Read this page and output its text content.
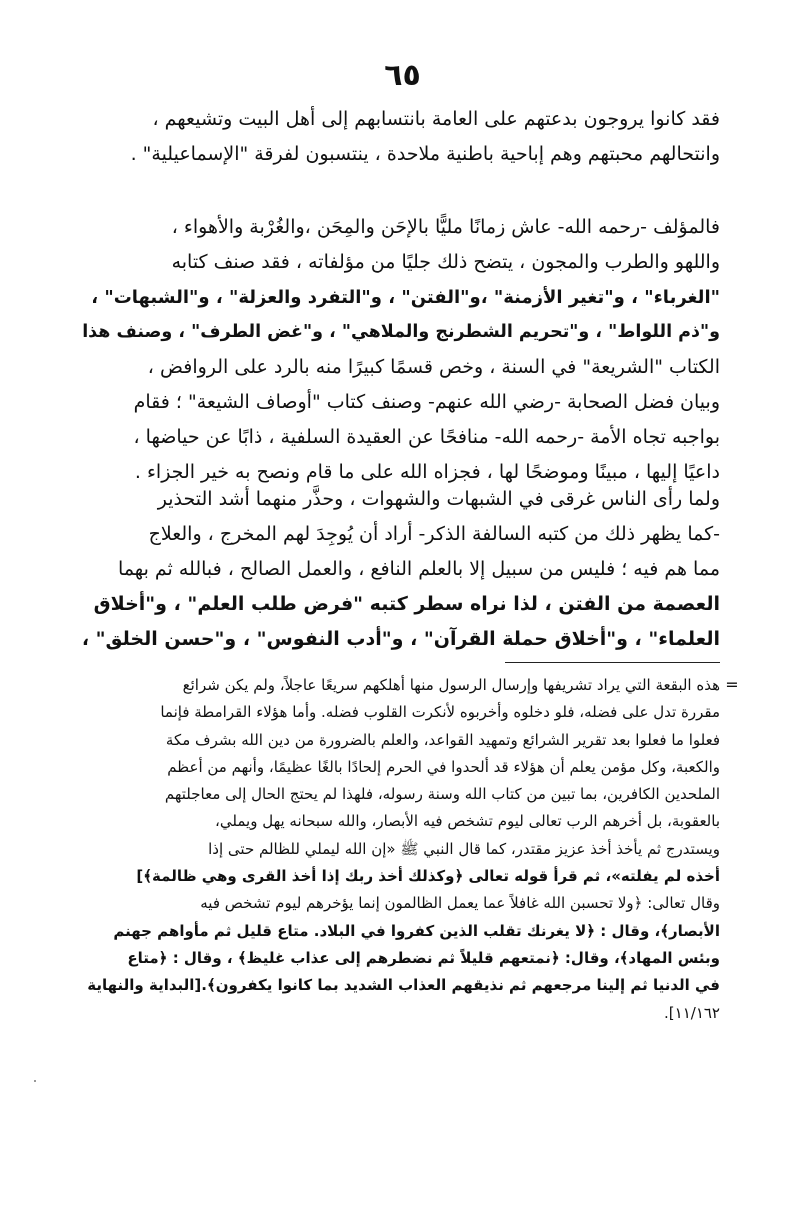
٦٥
فقد كانوا يروجون بدعتهم على العامة بانتسابهم إلى أهل البيت وتشيعهم ،
وانتحالهم محبتهم وهم إباحية باطنية ملاحدة ، ينتسبون لفرقة "الإسماعيلية" .
فالمؤلف -رحمه الله- عاش زمانًا مليًّا بالإحَن والمِحَن ،والغُرْبة والأهواء ،
واللهو والطرب والمجون ، يتضح ذلك جليًا من مؤلفاته ، فقد صنف كتابه
"الغرباء" ، و"تغير الأزمنة" ،و"الفتن" ، و"التفرد والعزلة" ، و"الشبهات" ،
و"ذم اللواط" ، و"تحريم الشطرنج والملاهي" ، و"غض الطرف" ، وصنف هذا
الكتاب "الشريعة" في السنة ، وخص قسمًا كبيرًا منه بالرد على الروافض ،
وبيان فضل الصحابة -رضي الله عنهم- وصنف كتاب "أوصاف الشيعة" ؛ فقام
بواجبه تجاه الأمة -رحمه الله- منافحًا عن العقيدة السلفية ، ذابًا عن حياضها ،
داعيًا إليها ، مبينًا وموضحًا لها ، فجزاه الله على ما قام ونصح به خير الجزاء .
ولما رأى الناس غرقى في الشبهات والشهوات ، وحذَّر منهما أشد التحذير
-كما يظهر ذلك من كتبه السالفة الذكر- أراد أن يُوجِدَ لهم المخرج ، والعلاج
مما هم فيه ؛ فليس من سبيل إلا بالعلم النافع ، والعمل الصالح ، فبالله ثم بهما
العصمة من الفتن ، لذا نراه سطر كتبه "فرض طلب العلم" ، و"أخلاق
العلماء" ، و"أخلاق حملة القرآن" ، و"أدب النفوس" ، و"حسن الخلق" ،
=
هذه البقعة التي يراد تشريفها وإرسال الرسول منها أهلكهم سريعًا عاجلاً، ولم يكن شرائع
مقررة تدل على فضله، فلو دخلوه وأخربوه لأنكرت القلوب فضله. وأما هؤلاء القرامطة فإنما
فعلوا ما فعلوا بعد تقرير الشرائع وتمهيد القواعد، والعلم بالضرورة من دين الله بشرف مكة
والكعبة، وكل مؤمن يعلم أن هؤلاء قد ألحدوا في الحرم إلحادًا بالغًا عظيمًا، وأنهم من أعظم
الملحدين الكافرين، بما تبين من كتاب الله وسنة رسوله، فلهذا لم يحتج الحال إلى معاجلتهم
بالعقوبة، بل أخرهم الرب تعالى ليوم تشخص فيه الأبصار، والله سبحانه يهل ويملي،
ويستدرج ثم يأخذ أخذ عزيز مقتدر، كما قال النبي ﷺ «إن الله ليملي للظالم حتى إذا
أخذه لم يفلته»، ثم قرأ قوله تعالى ﴿وكذلك أخذ ربك إذا أخذ القرى وهي ظالمة﴾]
وقال تعالى: ﴿ولا تحسبن الله غافلاً عما يعمل الظالمون إنما يؤخرهم ليوم تشخص فيه
الأبصار﴾، وقال : ﴿لا يغرنك تقلب الذين كفروا في البلاد. متاع قليل ثم مأواهم جهنم
وبئس المهاد﴾، وقال: ﴿نمتعهم قليلاً ثم نضطرهم إلى عذاب غليظ﴾ ، وقال : ﴿متاع
في الدنيا ثم إلينا مرجعهم ثم نذيقهم العذاب الشديد بما كانوا يكفرون﴾.[البداية والنهاية
١١/١٦٢].
